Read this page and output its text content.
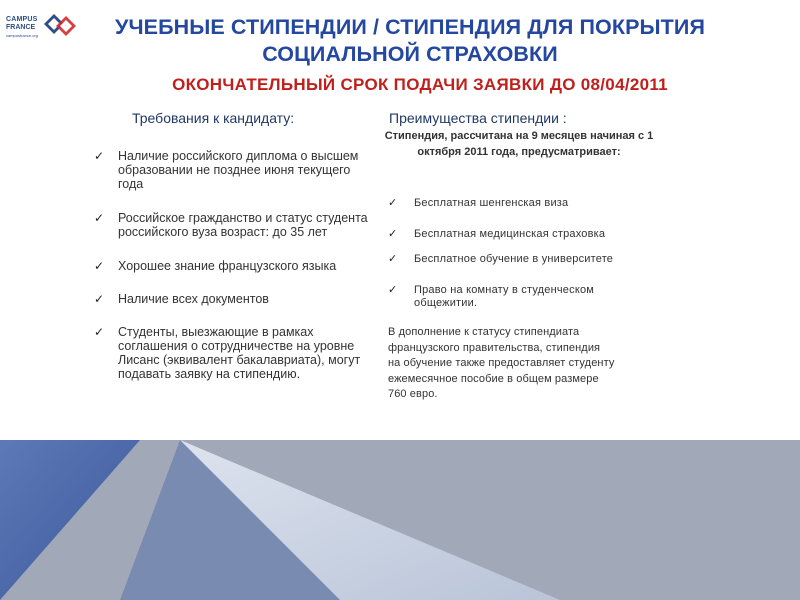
CAMPUS
FRANCE
campusfrance.org	УЧЕБНЫЕ СТИПЕНДИИ / СТИПЕНДИЯ ДЛЯ ПОКРЫТИЯ СОЦИАЛЬНОЙ СТРАХОВКИ
ОКОНЧАТЕЛЬНЫЙ СРОК ПОДАЧИ ЗАЯВКИ ДО 08/04/2011
Требования к кандидату:
✓ Наличие российского диплома о высшем образовании не позднее июня текущего года
✓ Российское гражданство и статус студента российского вуза возраст: до 35 лет
✓ Хорошее знание французского языка
✓ Наличие всех документов
✓ Студенты, выезжающие в рамках соглашения о сотрудничестве на уровне Лисанс (эквивалент бакалавриата), могут подавать заявку на стипендию.
Преимущества стипендии :
Стипендия, рассчитана на 9 месяцев начиная с 1 октября 2011 года, предусматривает:
✓ Бесплатная шенгенская виза
✓ Бесплатная медицинская страховка
✓ Бесплатное обучение в университете
✓ Право на комнату в студенческом общежитии.
В дополнение к статусу стипендиата
французского правительства, стипендия
на обучение также предоставляет студенту
ежемесячное пособие в общем размере
760 евро.
